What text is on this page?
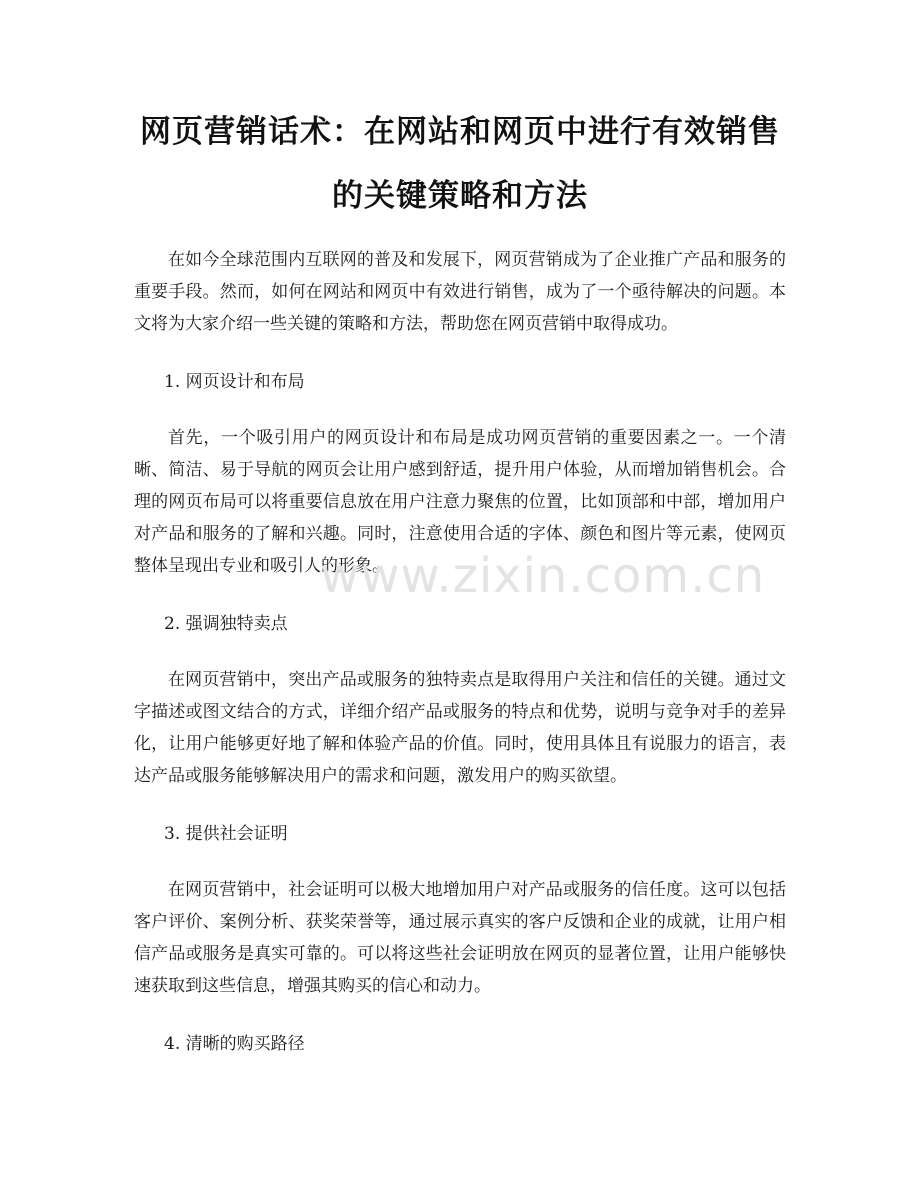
网页营销话术：在网站和网页中进行有效销售的关键策略和方法

在如今全球范围内互联网的普及和发展下，网页营销成为了企业推广产品和服务的重要手段。然而，如何在网站和网页中有效进行销售，成为了一个亟待解决的问题。本文将为大家介绍一些关键的策略和方法，帮助您在网页营销中取得成功。

1. 网页设计和布局

首先，一个吸引用户的网页设计和布局是成功网页营销的重要因素之一。一个清晰、简洁、易于导航的网页会让用户感到舒适，提升用户体验，从而增加销售机会。合理的网页布局可以将重要信息放在用户注意力聚焦的位置，比如顶部和中部，增加用户对产品和服务的了解和兴趣。同时，注意使用合适的字体、颜色和图片等元素，使网页整体呈现出专业和吸引人的形象。

2. 强调独特卖点

在网页营销中，突出产品或服务的独特卖点是取得用户关注和信任的关键。通过文字描述或图文结合的方式，详细介绍产品或服务的特点和优势，说明与竞争对手的差异化，让用户能够更好地了解和体验产品的价值。同时，使用具体且有说服力的语言，表达产品或服务能够解决用户的需求和问题，激发用户的购买欲望。

3. 提供社会证明

在网页营销中，社会证明可以极大地增加用户对产品或服务的信任度。这可以包括客户评价、案例分析、获奖荣誉等，通过展示真实的客户反馈和企业的成就，让用户相信产品或服务是真实可靠的。可以将这些社会证明放在网页的显著位置，让用户能够快速获取到这些信息，增强其购买的信心和动力。

4. 清晰的购买路径

www.zixin.com.cn
